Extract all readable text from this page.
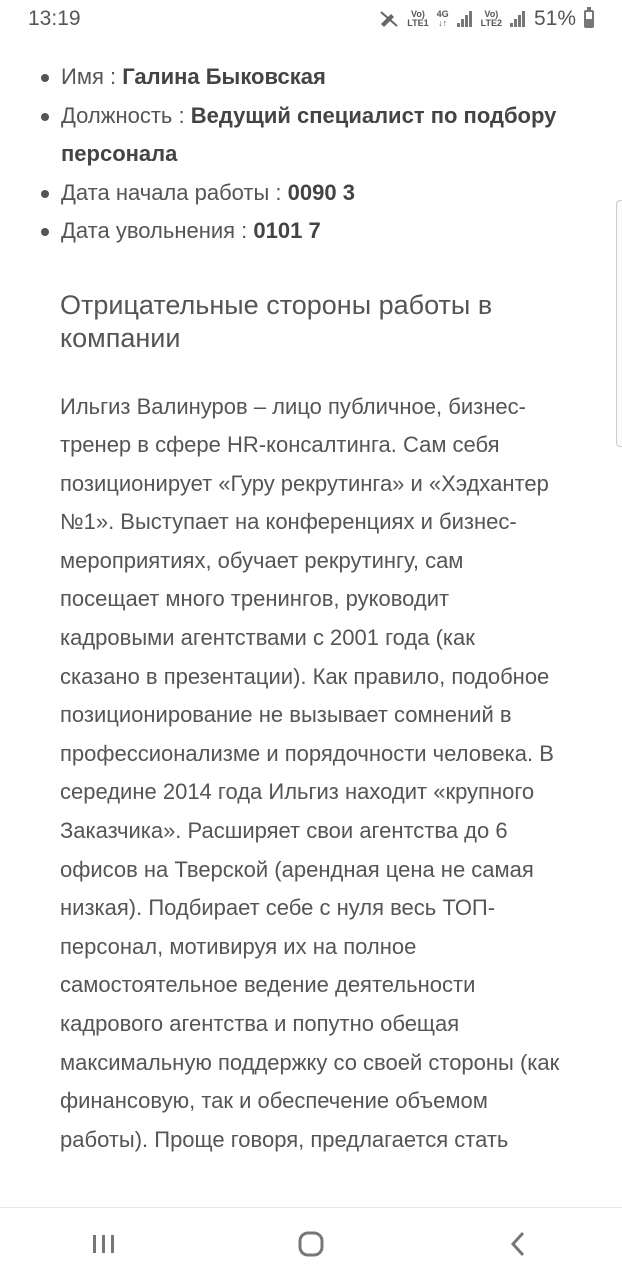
13:19	Vo)
LTE1
4G
↓↑
Vo)
LTE2 51%
Имя : Галина Быковская
Должность : Ведущий специалист по подбору персонала
Дата начала работы : 0090 3
Дата увольнения : 0101 7
Отрицательные стороны работы в компании

Ильгиз Валинуров – лицо публичное, бизнес-тренер в сфере HR-консалтинга. Сам себя позиционирует «Гуру рекрутинга» и «Хэдхантер №1». Выступает на конференциях и бизнес-мероприятиях, обучает рекрутингу, сам посещает много тренингов, руководит кадровыми агентствами с 2001 года (как сказано в презентации). Как правило, подобное позиционирование не вызывает сомнений в профессионализме и порядочности человека. В середине 2014 года Ильгиз находит «крупного Заказчика». Расширяет свои агентства до 6 офисов на Тверской (арендная цена не самая низкая). Подбирает себе с нуля весь ТОП-персонал, мотивируя их на полное самостоятельное ведение деятельности кадрового агентства и попутно обещая максимальную поддержку со своей стороны (как финансовую, так и обеспечение объемом работы). Проще говоря, предлагается стать
